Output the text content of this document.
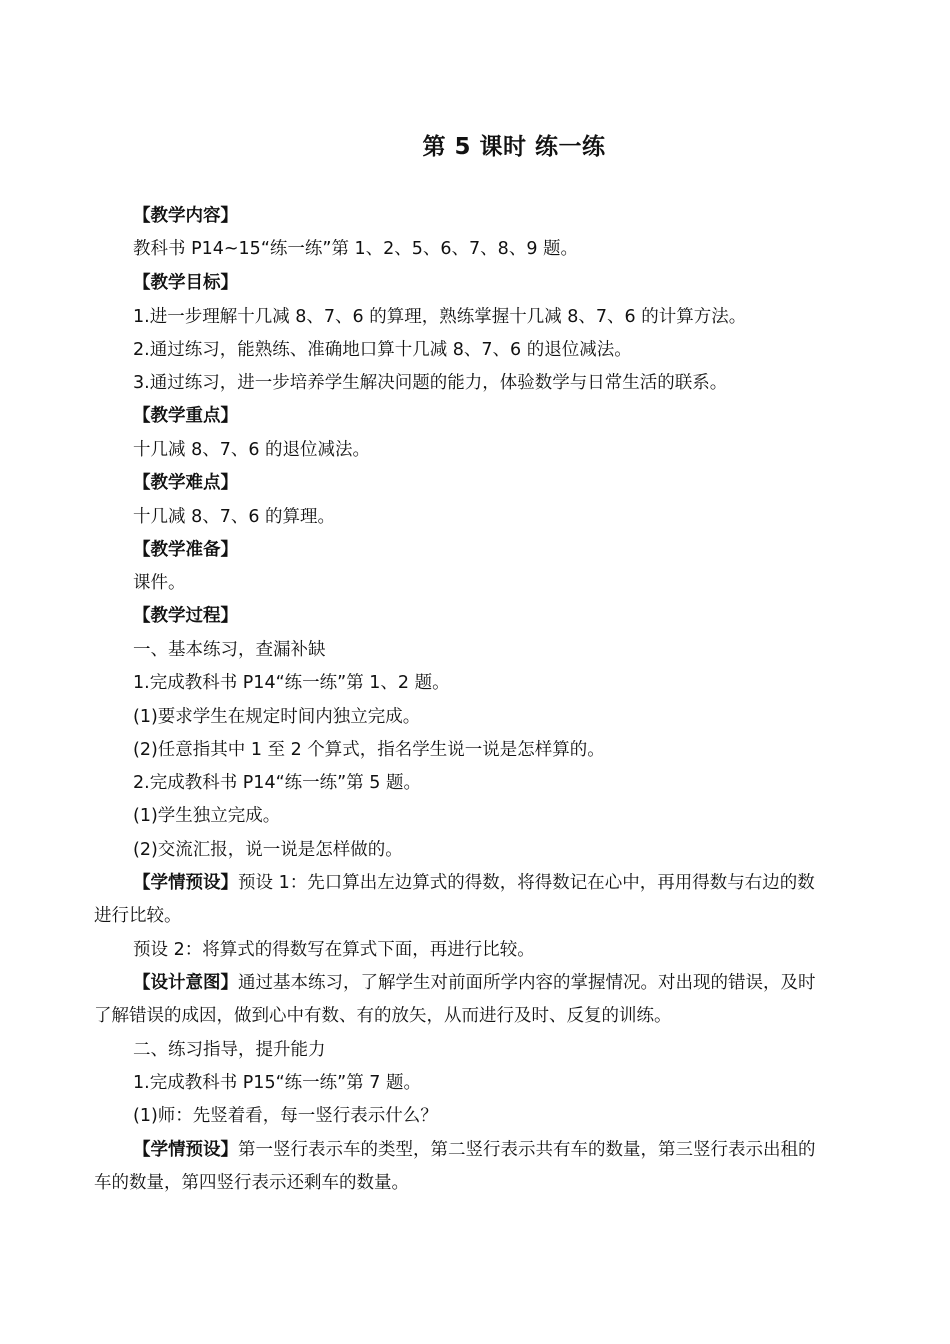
第 5 课时 练一练
【教学内容】
教科书 P14~15“练一练”第 1、2、5、6、7、8、9 题。
【教学目标】
1.进一步理解十几减 8、7、6 的算理，熟练掌握十几减 8、7、6 的计算方法。
2.通过练习，能熟练、准确地口算十几减 8、7、6 的退位减法。
3.通过练习，进一步培养学生解决问题的能力，体验数学与日常生活的联系。
【教学重点】
十几减 8、7、6 的退位减法。
【教学难点】
十几减 8、7、6 的算理。
【教学准备】
课件。
【教学过程】
一、基本练习，查漏补缺
1.完成教科书 P14“练一练”第 1、2 题。
(1)要求学生在规定时间内独立完成。
(2)任意指其中 1 至 2 个算式，指名学生说一说是怎样算的。
2.完成教科书 P14“练一练”第 5 题。
(1)学生独立完成。
(2)交流汇报，说一说是怎样做的。
【学情预设】预设 1：先口算出左边算式的得数，将得数记在心中，再用得数与右边的数
进行比较。
预设 2：将算式的得数写在算式下面，再进行比较。
【设计意图】通过基本练习，了解学生对前面所学内容的掌握情况。对出现的错误，及时
了解错误的成因，做到心中有数、有的放矢，从而进行及时、反复的训练。
二、练习指导，提升能力
1.完成教科书 P15“练一练”第 7 题。
(1)师：先竖着看，每一竖行表示什么？
【学情预设】第一竖行表示车的类型，第二竖行表示共有车的数量，第三竖行表示出租的
车的数量，第四竖行表示还剩车的数量。
